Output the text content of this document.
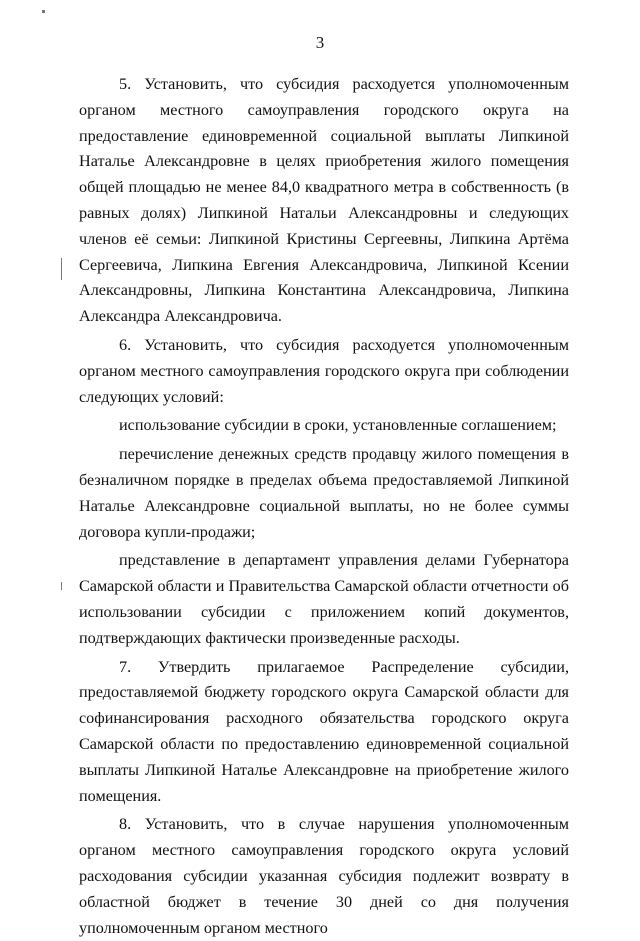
3

5. Установить, что субсидия расходуется уполномоченным органом местного самоуправления городского округа на предоставление единовременной социальной выплаты Липкиной Наталье Александровне в целях приобретения жилого помещения общей площадью не менее 84,0 квадратного метра в собственность (в равных долях) Липкиной Натальи Александровны и следующих членов её семьи: Липкиной Кристины Сергеевны, Липкина Артёма Сергеевича, Липкина Евгения Александровича, Липкиной Ксении Александровны, Липкина Константина Александровича, Липкина Александра Александровича.

6. Установить, что субсидия расходуется уполномоченным органом местного самоуправления городского округа при соблюдении следующих условий:

использование субсидии в сроки, установленные соглашением;

перечисление денежных средств продавцу жилого помещения в безналичном порядке в пределах объема предоставляемой Липкиной Наталье Александровне социальной выплаты, но не более суммы договора купли-продажи;

представление в департамент управления делами Губернатора Самарской области и Правительства Самарской области отчетности об использовании субсидии с приложением копий документов, подтверждающих фактически произведенные расходы.

7. Утвердить прилагаемое Распределение субсидии, предоставляемой бюджету городского округа Самарской области для софинансирования расходного обязательства городского округа Самарской области по предоставлению единовременной социальной выплаты Липкиной Наталье Александровне на приобретение жилого помещения.

8. Установить, что в случае нарушения уполномоченным органом местного самоуправления городского округа условий расходования субсидии указанная субсидия подлежит возврату в областной бюджет в течение 30 дней со дня получения уполномоченным органом местного
